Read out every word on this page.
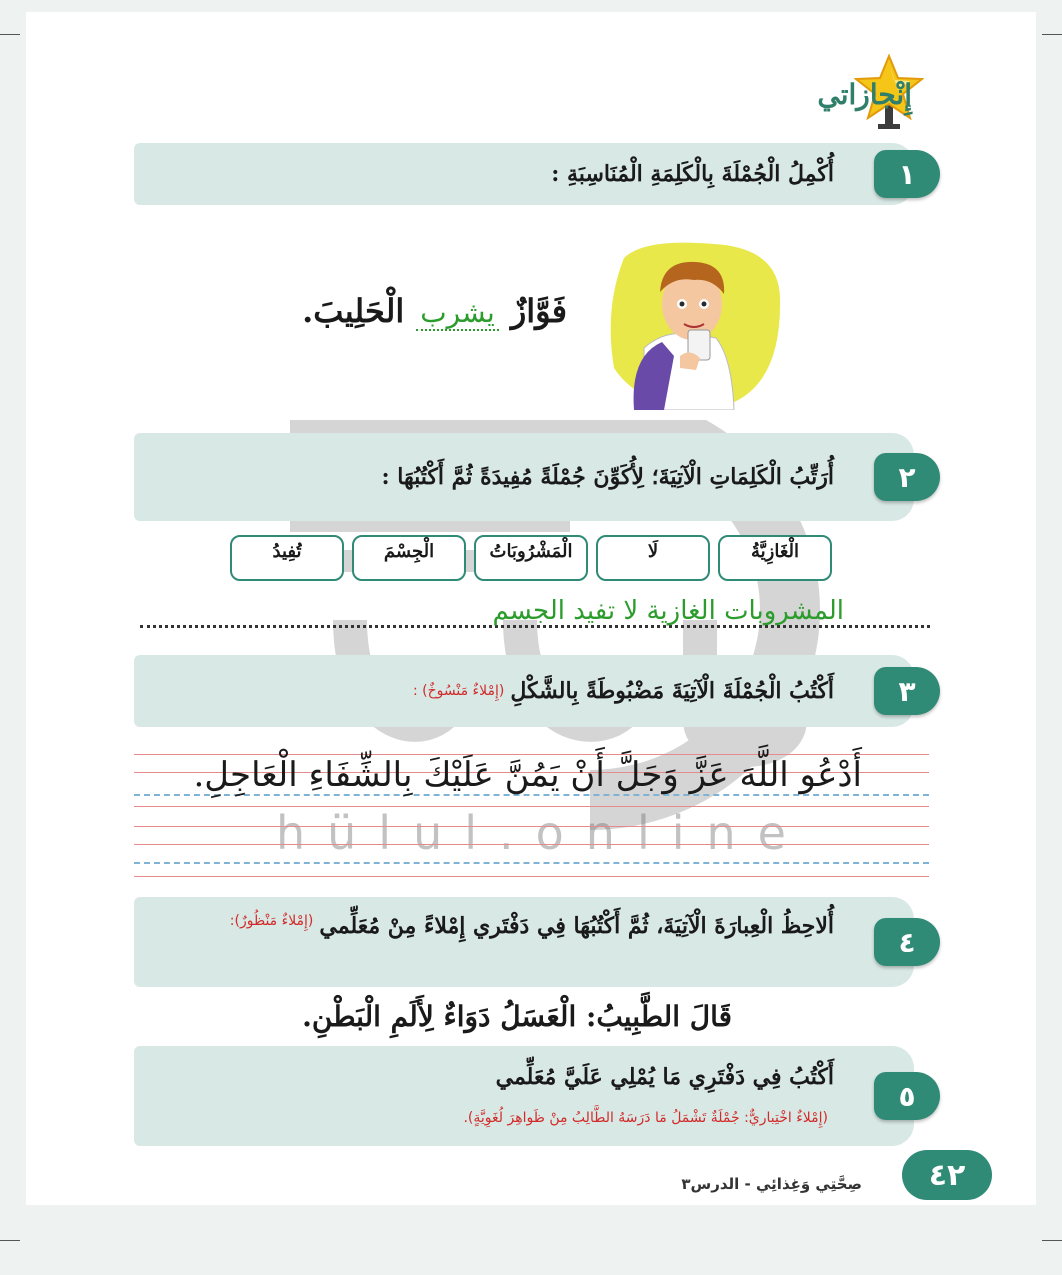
إِنْجازاتي
hülul.online
أُكْمِلُ الْجُمْلَةَ بِالْكَلِمَةِ الْمُنَاسِبَةِ :	١
فَوَّازٌ
يشرب
الْحَلِيبَ.
أُرَتِّبُ الْكَلِمَاتِ الْآتِيَةَ؛ لِأُكَوِّنَ جُمْلَةً مُفِيدَةً ثُمَّ أَكْتُبُهَا :	٢
الْغَازِيَّةُ
لَا
الْمَشْرُوبَاتُ
الْجِسْمَ
تُفِيدُ
المشروبات الغازية لا تفيد الجسم
أَكْتُبُ الْجُمْلَةَ الْآتِيَةَ مَضْبُوطَةً بِالشَّكْلِ
(إِمْلاءٌ مَنْسُوخٌ) :	٣
أَدْعُو اللَّهَ عَزَّ وَجَلَّ أَنْ يَمُنَّ عَلَيْكَ بِالشِّفَاءِ الْعَاجِلِ.
أُلاحِظُ الْعِبارَةَ الْآتِيَةَ، ثُمَّ أَكْتُبُهَا فِي دَفْتَري إِمْلاءً مِنْ مُعَلِّمي
(إِمْلاءٌ مَنْظُورٌ):
٤
قَالَ الطَّبِيبُ: الْعَسَلُ دَوَاءٌ لِأَلَمِ الْبَطْنِ.
أَكْتُبُ فِي دَفْتَرِي مَا يُمْلِي عَلَيَّ مُعَلِّمي
(إِمْلاءٌ اخْتِباريٌّ: جُمْلَةٌ تَشْمَلُ مَا دَرَسَهُ الطَّالِبُ مِنْ ظَواهِرَ لُغَوِيَّةٍ).
٥
٤٢
صِحَّتِي وَغِذائِي - الدرس٣
